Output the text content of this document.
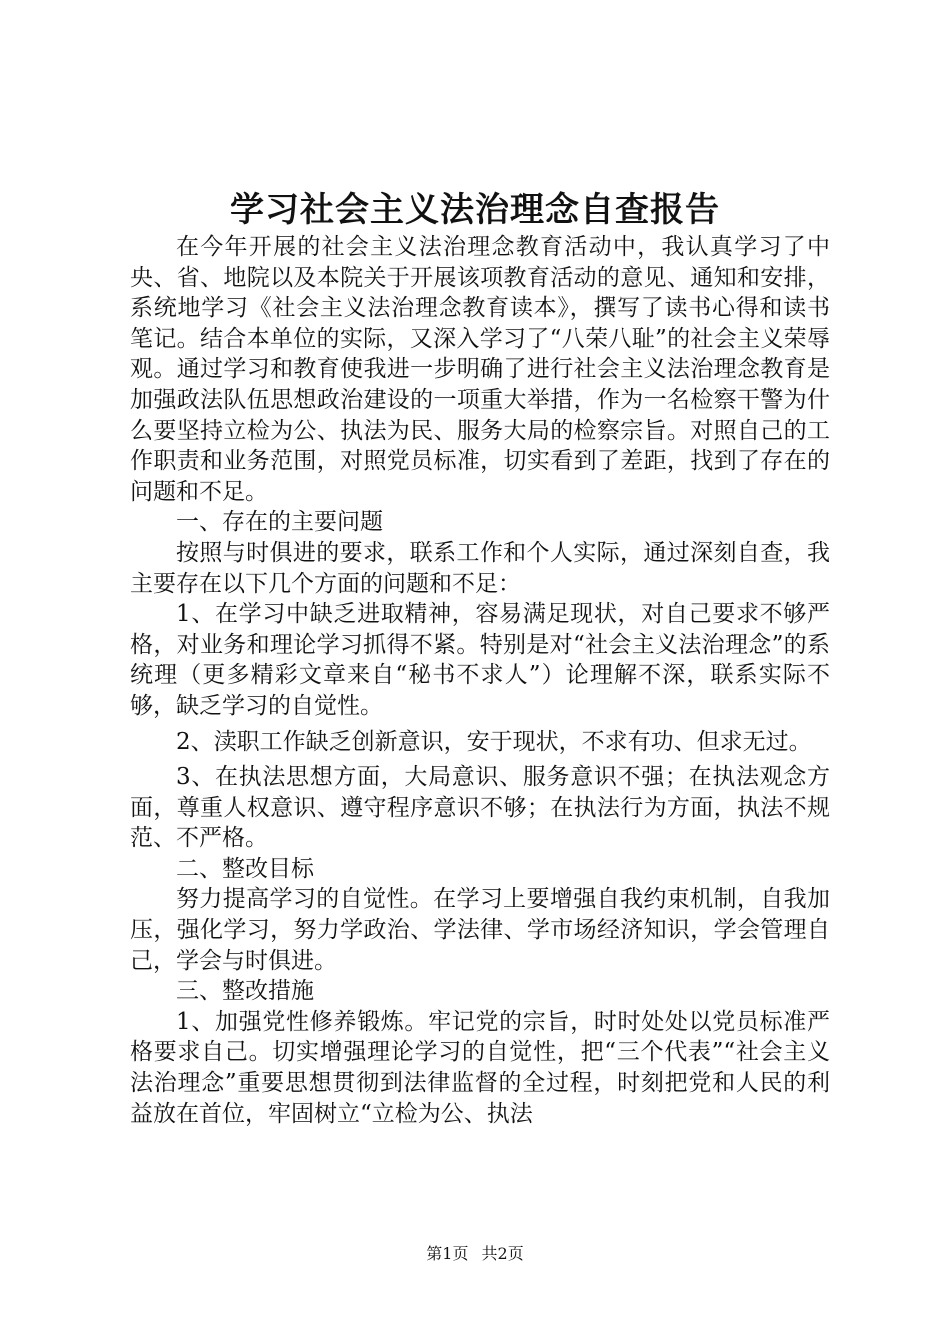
学习社会主义法治理念自查报告

在今年开展的社会主义法治理念教育活动中，我认真学习了中央、省、地院以及本院关于开展该项教育活动的意见、通知和安排，系统地学习《社会主义法治理念教育读本》，撰写了读书心得和读书笔记。结合本单位的实际，又深入学习了“八荣八耻”的社会主义荣辱观。通过学习和教育使我进一步明确了进行社会主义法治理念教育是加强政法队伍思想政治建设的一项重大举措，作为一名检察干警为什么要坚持立检为公、执法为民、服务大局的检察宗旨。对照自己的工作职责和业务范围，对照党员标准，切实看到了差距，找到了存在的问题和不足。

一、存在的主要问题

按照与时俱进的要求，联系工作和个人实际，通过深刻自查，我主要存在以下几个方面的问题和不足：

1、在学习中缺乏进取精神，容易满足现状，对自己要求不够严格，对业务和理论学习抓得不紧。特别是对“社会主义法治理念”的系统理（更多精彩文章来自“秘书不求人”）论理解不深，联系实际不够，缺乏学习的自觉性。

2、渎职工作缺乏创新意识，安于现状，不求有功、但求无过。

3、在执法思想方面，大局意识、服务意识不强；在执法观念方面，尊重人权意识、遵守程序意识不够；在执法行为方面，执法不规范、不严格。

二、整改目标

努力提高学习的自觉性。在学习上要增强自我约束机制，自我加压，强化学习，努力学政治、学法律、学市场经济知识，学会管理自己，学会与时俱进。

三、整改措施

1、加强党性修养锻炼。牢记党的宗旨，时时处处以党员标准严格要求自己。切实增强理论学习的自觉性，把“三个代表”“社会主义法治理念”重要思想贯彻到法律监督的全过程，时刻把党和人民的利益放在首位，牢固树立“立检为公、执法

第1页 共2页
